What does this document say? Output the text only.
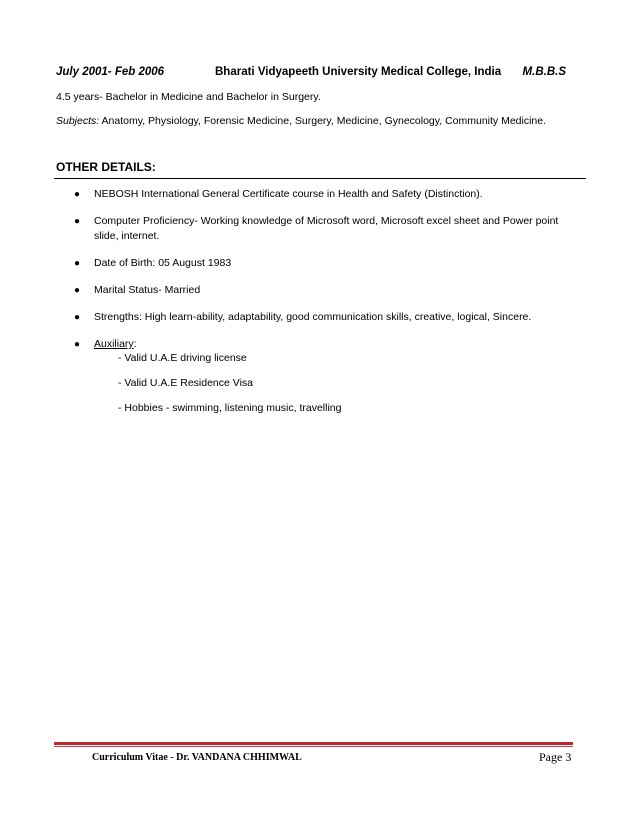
July 2001- Feb 2006	Bharati Vidyapeeth University Medical College, India M.B.B.S
4.5 years- Bachelor in Medicine and Bachelor in Surgery.
Subjects: Anatomy, Physiology, Forensic Medicine, Surgery, Medicine, Gynecology, Community Medicine.
OTHER DETAILS:
● NEBOSH International General Certificate course in Health and Safety (Distinction).
● Computer Proficiency- Working knowledge of Microsoft word, Microsoft excel sheet and Power point slide, internet.
● Date of Birth: 05 August 1983
● Marital Status- Married
● Strengths: High learn-ability, adaptability, good communication skills, creative, logical, Sincere.
● Auxiliary:
- Valid U.A.E driving license
- Valid U.A.E Residence Visa
- Hobbies - swimming, listening music, travelling
Curriculum Vitae - Dr. VANDANA CHHIMWAL	Page 3
